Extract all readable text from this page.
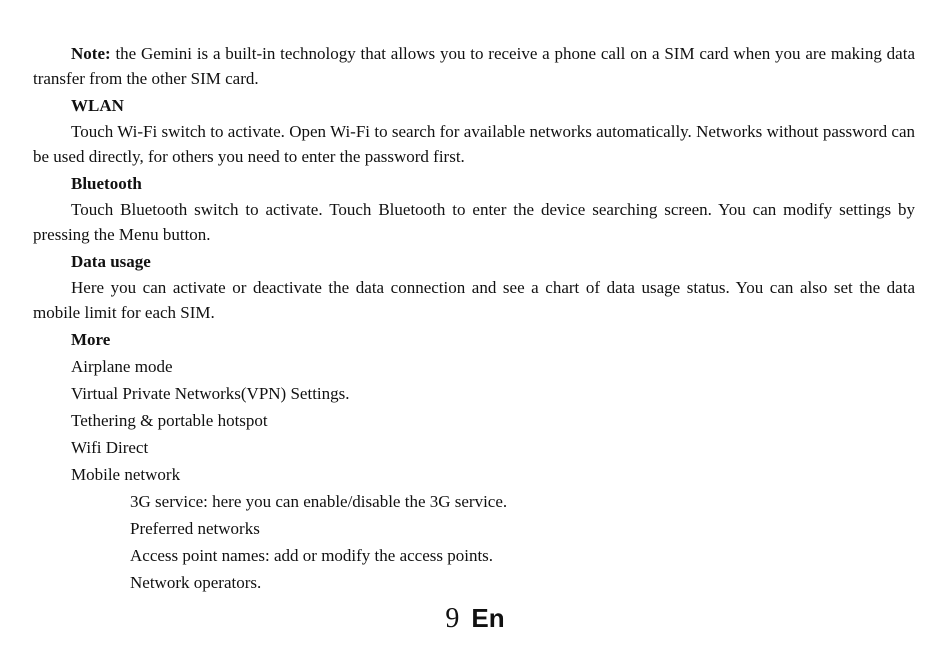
Note: the Gemini is a built-in technology that allows you to receive a phone call on a SIM card when you are making data transfer from the other SIM card.

WLAN

Touch Wi-Fi switch to activate. Open Wi-Fi to search for available networks automatically. Networks without password can be used directly, for others you need to enter the password first.

Bluetooth

Touch Bluetooth switch to activate. Touch Bluetooth to enter the device searching screen. You can modify settings by pressing the Menu button.

Data usage

Here you can activate or deactivate the data connection and see a chart of data usage status. You can also set the data mobile limit for each SIM.

More

Airplane mode

Virtual Private Networks(VPN) Settings.

Tethering & portable hotspot

Wifi Direct

Mobile network

3G service: here you can enable/disable the 3G service.

Preferred networks

Access point names: add or modify the access points.

Network operators.

9 En
